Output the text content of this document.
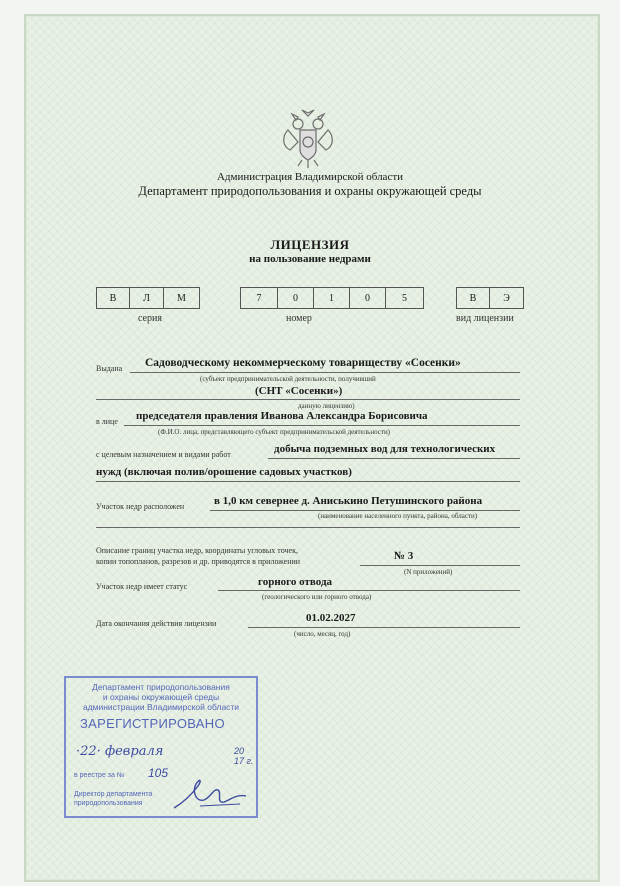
Администрация Владимирской области
Департамент природопользования и охраны окружающей среды
ЛИЦЕНЗИЯ
на пользование недрами
В	Л	М
серия
7	0	1	0	5
номер
В	Э
вид лицензии
Выдана Садоводческому некоммерческому товариществу «Сосенки»
(субъект предпринимательской деятельности, получивший
(СНТ «Сосенки»)
данную лицензию)
в лице председателя правления Иванова Александра Борисовича
(Ф.И.О. лица, представляющего субъект предпринимательской деятельности)
с целевым назначением и видами работ	добыча подземных вод для технологических
нужд (включая полив/орошение садовых участков)
Участок недр расположен	в 1,0 км севернее д. Аниськино Петушинского района
(наименование населенного пункта, района, области)
Описание границ участка недр, координаты угловых точек,
копии топопланов, разрезов и др. приводятся в приложении	№ 3
(N приложений)
Участок недр имеет статус	горного отвода
(геологического или горного отвода)
Дата окончания действия лицензии	01.02.2027
(число, месяц, год)
Департамент природопользования
и охраны окружающей среды
администрации Владимирской области
ЗАРЕГИСТРИРОВАНО
·22· февраля	20 17 г.
в реестре за № 105
Директор департамента
природопользования
